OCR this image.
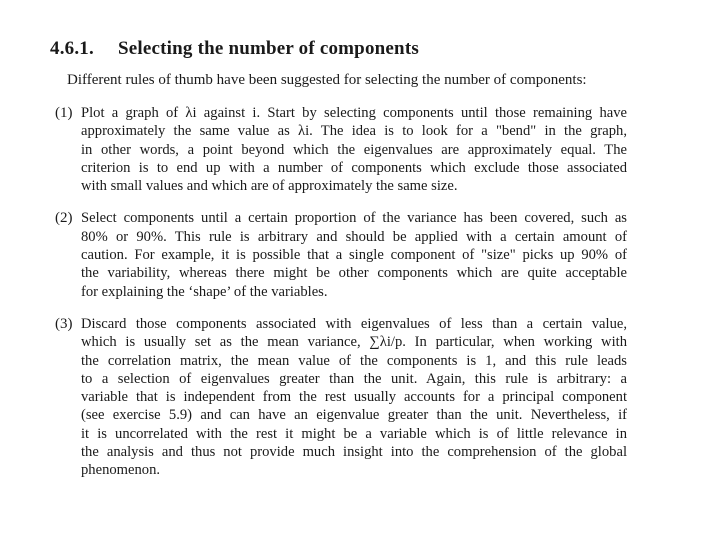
4.6.1. Selecting the number of components
Different rules of thumb have been suggested for selecting the number of components:
(1) Plot a graph of λi against i. Start by selecting components until those remaining have
approximately the same value as λi. The idea is to look for a "bend" in the graph,
in other words, a point beyond which the eigenvalues are approximately equal. The
criterion is to end up with a number of components which exclude those associated
with small values and which are of approximately the same size.
(2) Select components until a certain proportion of the variance has been covered, such as
80% or 90%. This rule is arbitrary and should be applied with a certain amount of
caution. For example, it is possible that a single component of "size" picks up 90% of
the variability, whereas there might be other components which are quite acceptable
for explaining the ‘shape’ of the variables.
(3) Discard those components associated with eigenvalues of less than a certain value,
which is usually set as the mean variance, ∑λi/p. In particular, when working with
the correlation matrix, the mean value of the components is 1, and this rule leads
to a selection of eigenvalues greater than the unit. Again, this rule is arbitrary: a
variable that is independent from the rest usually accounts for a principal component
(see exercise 5.9) and can have an eigenvalue greater than the unit. Nevertheless, if
it is uncorrelated with the rest it might be a variable which is of little relevance in
the analysis and thus not provide much insight into the comprehension of the global
phenomenon.
